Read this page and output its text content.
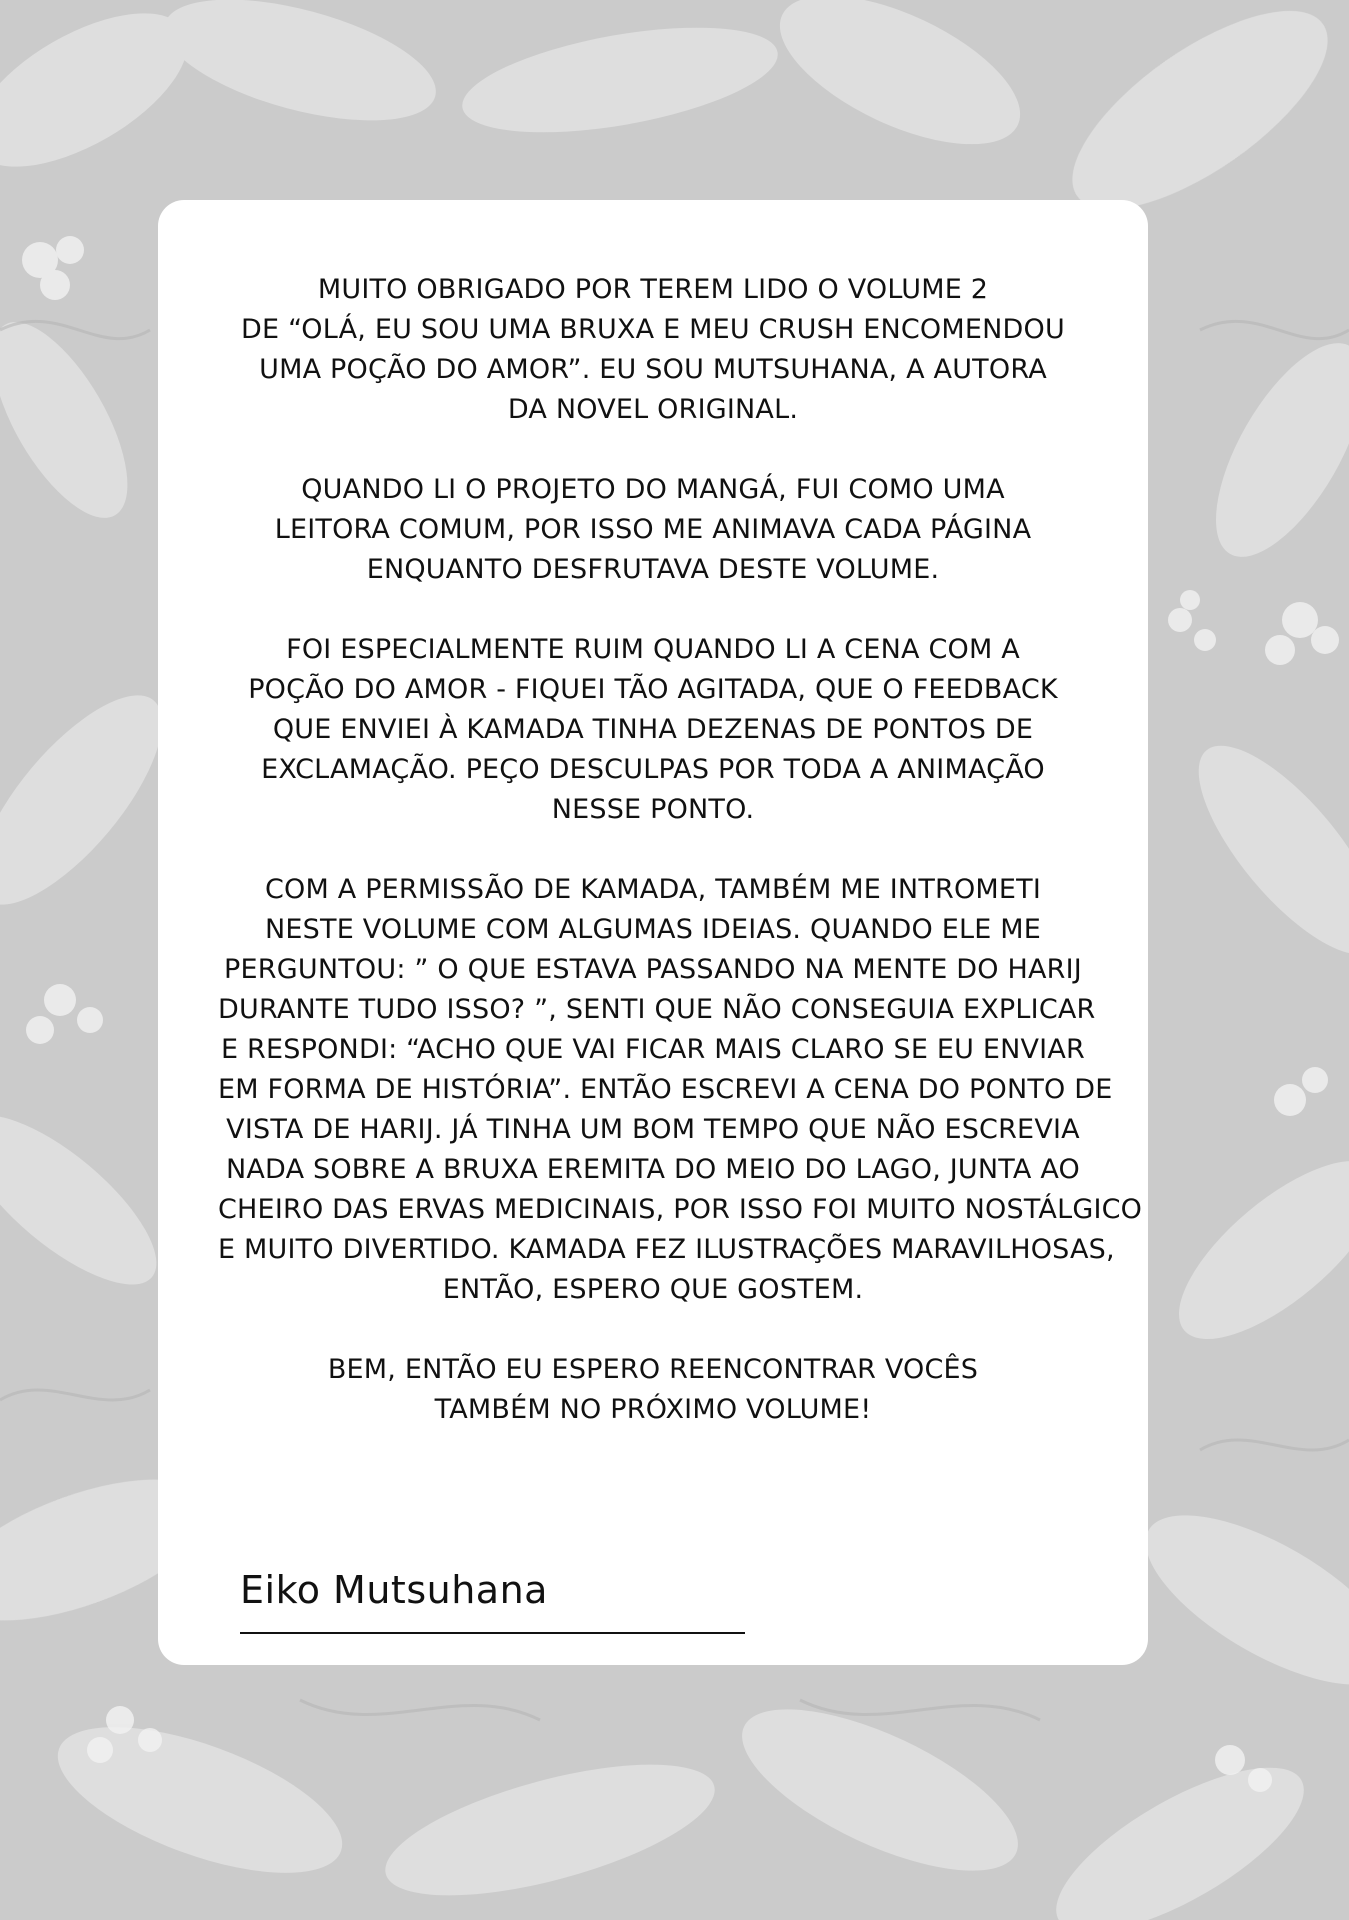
MUITO OBRIGADO POR TEREM LIDO O VOLUME 2
DE “OLÁ, EU SOU UMA BRUXA E MEU CRUSH ENCOMENDOU
UMA POÇÃO DO AMOR”. EU SOU MUTSUHANA, A AUTORA
DA NOVEL ORIGINAL.

QUANDO LI O PROJETO DO MANGÁ, FUI COMO UMA
LEITORA COMUM, POR ISSO ME ANIMAVA CADA PÁGINA
ENQUANTO DESFRUTAVA DESTE VOLUME.

FOI ESPECIALMENTE RUIM QUANDO LI A CENA COM A
POÇÃO DO AMOR - FIQUEI TÃO AGITADA, QUE O FEEDBACK
QUE ENVIEI À KAMADA TINHA DEZENAS DE PONTOS DE
EXCLAMAÇÃO. PEÇO DESCULPAS POR TODA A ANIMAÇÃO
NESSE PONTO.

COM A PERMISSÃO DE KAMADA, TAMBÉM ME INTROMETI
NESTE VOLUME COM ALGUMAS IDEIAS. QUANDO ELE ME
PERGUNTOU: ” O QUE ESTAVA PASSANDO NA MENTE DO HARIJ
DURANTE TUDO ISSO? ”, SENTI QUE NÃO CONSEGUIA EXPLICAR
E RESPONDI: “ACHO QUE VAI FICAR MAIS CLARO SE EU ENVIAR
EM FORMA DE HISTÓRIA”. ENTÃO ESCREVI A CENA DO PONTO DE
VISTA DE HARIJ. JÁ TINHA UM BOM TEMPO QUE NÃO ESCREVIA
NADA SOBRE A BRUXA EREMITA DO MEIO DO LAGO, JUNTA AO
CHEIRO DAS ERVAS MEDICINAIS, POR ISSO FOI MUITO NOSTÁLGICO
E MUITO DIVERTIDO. KAMADA FEZ ILUSTRAÇÕES MARAVILHOSAS,
ENTÃO, ESPERO QUE GOSTEM.

BEM, ENTÃO EU ESPERO REENCONTRAR VOCÊS
TAMBÉM NO PRÓXIMO VOLUME!

Eiko Mutsuhana
